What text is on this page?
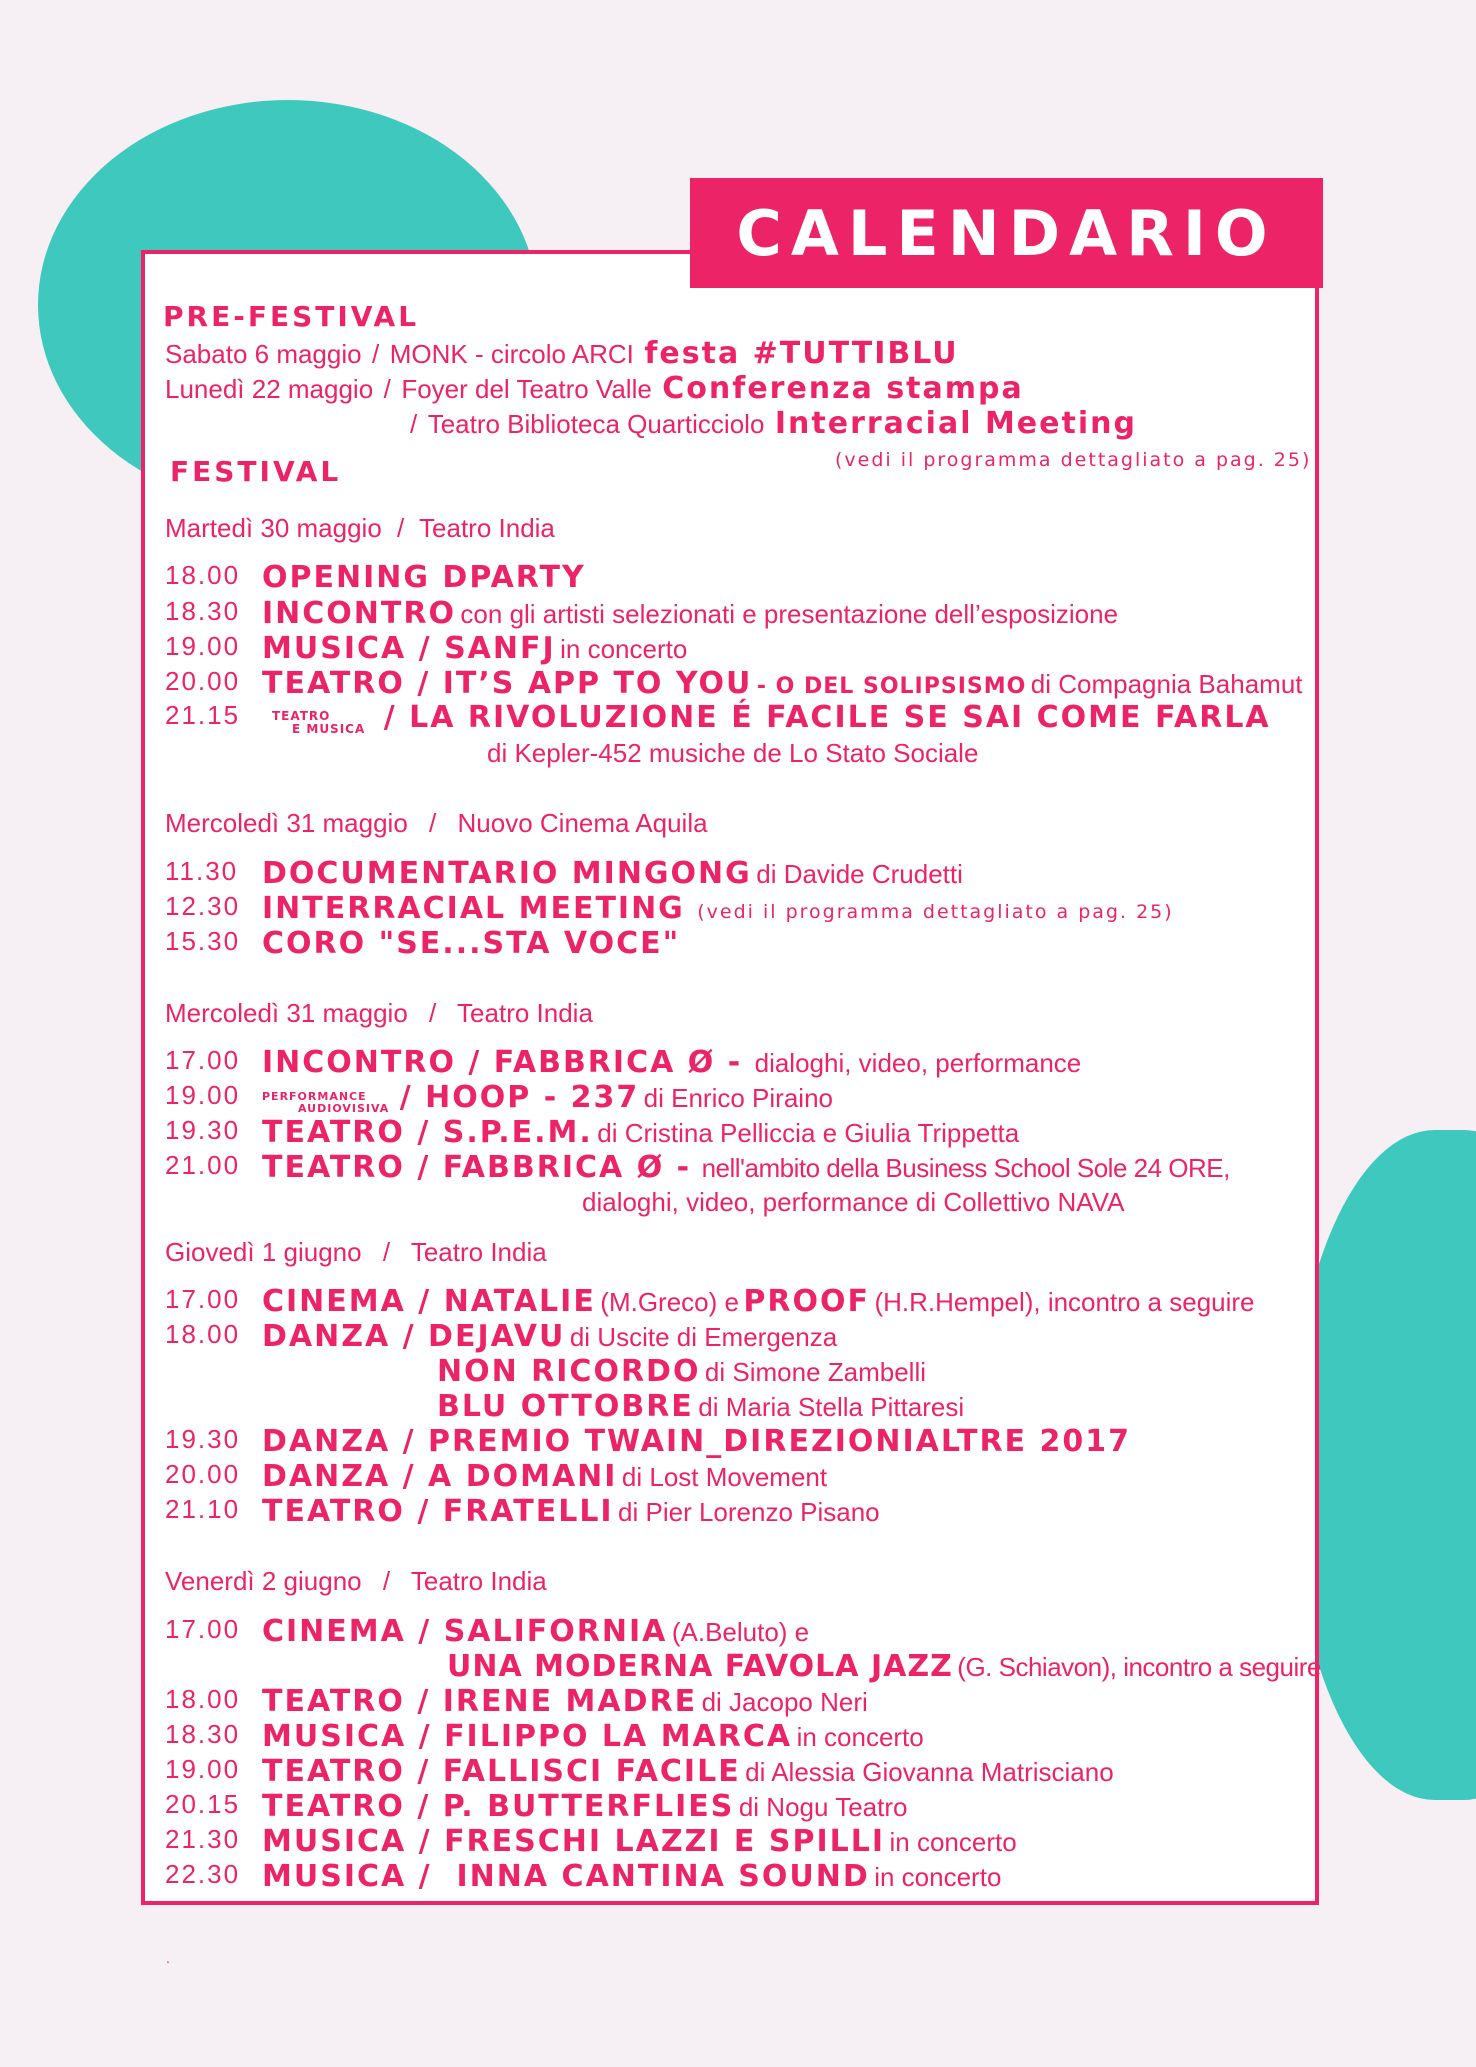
CALENDARIO
PRE-FESTIVAL
Sabato 6 maggio / MONK - circolo ARCI festa #TUTTIBLU
Lunedì 22 maggio / Foyer del Teatro Valle Conferenza stampa
/ Teatro Biblioteca Quarticciolo Interracial Meeting
(vedi il programma dettagliato a pag. 25)
FESTIVAL
Martedì 30 maggio / Teatro India
18.00 OPENING DPARTY
18.30 INCONTRO con gli artisti selezionati e presentazione dell’esposizione
19.00 MUSICA / SANFJ in concerto
20.00 TEATRO / IT’S APP TO YOU - O DEL SOLIPSISMO di Compagnia Bahamut
21.15	TEATRO
E MUSICA / LA RIVOLUZIONE É FACILE SE SAI COME FARLA
di Kepler-452 musiche de Lo Stato Sociale
Mercoledì 31 maggio / Nuovo Cinema Aquila
11.30 DOCUMENTARIO MINGONG di Davide Crudetti
12.30 INTERRACIAL MEETING (vedi il programma dettagliato a pag. 25)
15.30 CORO "SE...STA VOCE"
Mercoledì 31 maggio / Teatro India
17.00 INCONTRO / FABBRICA Ø - dialoghi, video, performance
19.00 PERFORMANCE
AUDIOVISIVA / HOOP - 237 di Enrico Piraino
19.30 TEATRO / S.P.E.M. di Cristina Pelliccia e Giulia Trippetta
21.00 TEATRO / FABBRICA Ø - nell'ambito della Business School Sole 24 ORE,
dialoghi, video, performance di Collettivo NAVA
Giovedì 1 giugno / Teatro India
17.00 CINEMA / NATALIE (M.Greco) e PROOF (H.R.Hempel), incontro a seguire
18.00 DANZA / DEJAVU di Uscite di Emergenza
NON RICORDO di Simone Zambelli
BLU OTTOBRE di Maria Stella Pittaresi
19.30 DANZA / PREMIO TWAIN_DIREZIONIALTRE 2017
20.00 DANZA / A DOMANI di Lost Movement
21.10 TEATRO / FRATELLI di Pier Lorenzo Pisano
Venerdì 2 giugno / Teatro India
17.00 CINEMA / SALIFORNIA (A.Beluto) e
UNA MODERNA FAVOLA JAZZ (G. Schiavon), incontro a seguire
18.00 TEATRO / IRENE MADRE di Jacopo Neri
18.30 MUSICA / FILIPPO LA MARCA in concerto
19.00 TEATRO / FALLISCI FACILE di Alessia Giovanna Matrisciano
20.15 TEATRO / P. BUTTERFLIES di Nogu Teatro
21.30 MUSICA / FRESCHI LAZZI E SPILLI in concerto
22.30 MUSICA /  INNA CANTINA SOUND in concerto
.
